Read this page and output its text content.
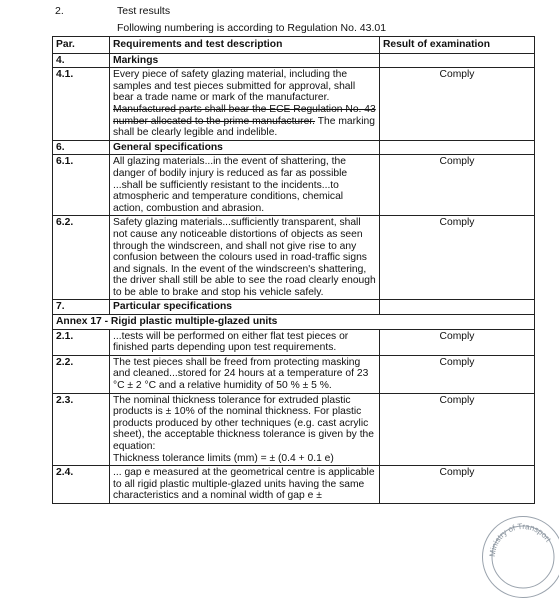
2.	Test results
Following numbering is according to Regulation No. 43.01
Par.	Requirements and test description	Result of examination
4.	Markings	
4.1.	Every piece of safety glazing material, including the samples and test pieces submitted for approval, shall bear a trade name or mark of the manufacturer. Manufactured parts shall bear the ECE Regulation No. 43 number allocated to the prime manufacturer. The marking shall be clearly legible and indelible.	Comply
6.	General specifications	
6.1.	All glazing materials...in the event of shattering, the danger of bodily injury is reduced as far as possible ...shall be sufficiently resistant to the incidents...to atmospheric and temperature conditions, chemical action, combustion and abrasion.	Comply
6.2.	Safety glazing materials...sufficiently transparent, shall not cause any noticeable distortions of objects as seen through the windscreen, and shall not give rise to any confusion between the colours used in road-traffic signs and signals. In the event of the windscreen's shattering, the driver shall still be able to see the road clearly enough to be able to brake and stop his vehicle safely.	Comply
7.	Particular specifications	
Annex 17 - Rigid plastic multiple-glazed units		
2.1.	...tests will be performed on either flat test pieces or finished parts depending upon test requirements.	Comply
2.2.	The test pieces shall be freed from protecting masking and cleaned...stored for 24 hours at a temperature of 23 °C ± 2 °C and a relative humidity of 50 % ± 5 %.	Comply
2.3.	The nominal thickness tolerance for extruded plastic products is ± 10% of the nominal thickness. For plastic products produced by other techniques (e.g. cast acrylic sheet), the acceptable thickness tolerance is given by the equation:
Thickness tolerance limits (mm) = ± (0.4 + 0.1 e)	Comply
2.4.	... gap e measured at the geometrical centre is applicable to all rigid plastic multiple-glazed units having the same characteristics and a nominal width of gap e ±	Comply
Ministry of Transport
